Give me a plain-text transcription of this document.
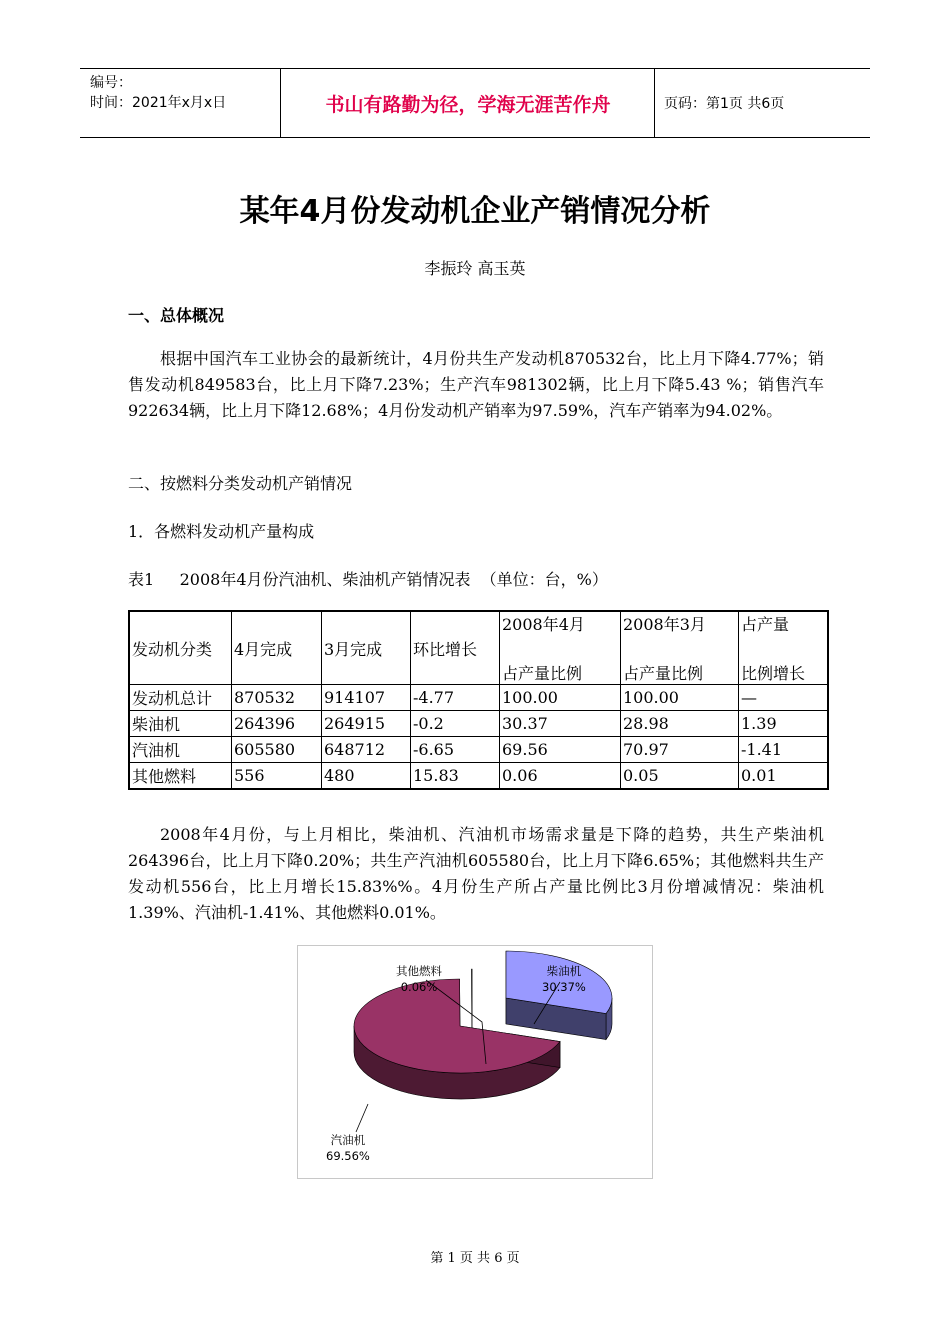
编号：
时间：2021年x月x日	书山有路勤为径，学海无涯苦作舟	页码：第1页 共6页
某年4月份发动机企业产销情况分析
李振玲 高玉英
一、总体概况
根据中国汽车工业协会的最新统计，4月份共生产发动机870532台，比上月下降4.77%；销售发动机849583台，比上月下降7.23%；生产汽车981302辆，比上月下降5.43 %；销售汽车922634辆，比上月下降12.68%；4月份发动机产销率为97.59%，汽车产销率为94.02%。
二、按燃料分类发动机产销情况
1．各燃料发动机产量构成
表1     2008年4月份汽油机、柴油机产销情况表  （单位：台，%）
发动机分类	4月完成	3月完成	环比增长	2008年4月	2008年3月	占产量
				占产量比例	占产量比例	比例增长
发动机总计	870532	914107	-4.77	100.00	100.00	—
柴油机	264396	264915	-0.2	30.37	28.98	1.39
汽油机	605580	648712	-6.65	69.56	70.97	-1.41
其他燃料	556	480	15.83	0.06	0.05	0.01
2008年4月份，与上月相比，柴油机、汽油机市场需求量是下降的趋势，共生产柴油机264396台，比上月下降0.20%；共生产汽油机605580台，比上月下降6.65%；其他燃料共生产发动机556台，比上月增长15.83%%。4月份生产所占产量比例比3月份增减情况：柴油机1.39%、汽油机-1.41%、其他燃料0.01%。
其他燃料
0.06%
柴油机
30.37%
汽油机
69.56%
第 1 页 共 6 页
